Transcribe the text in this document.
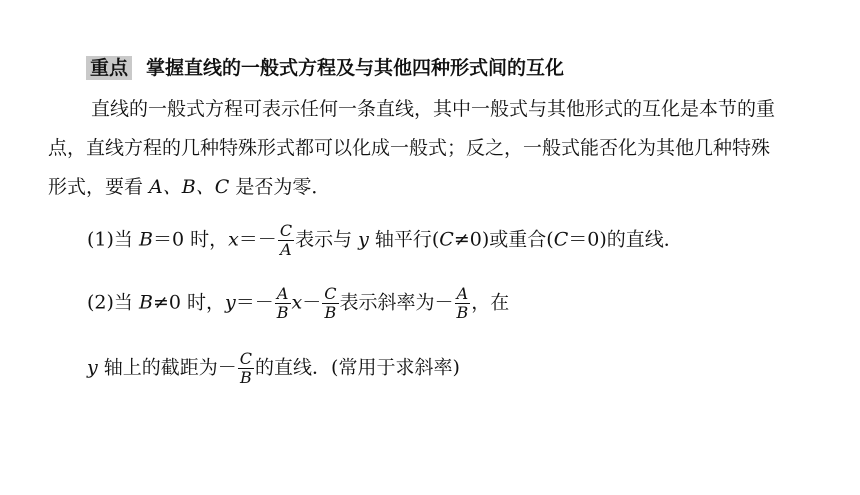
重点 掌握直线的一般式方程及与其他四种形式间的互化
直线的一般式方程可表示任何一条直线，其中一般式与其他形式的互化是本节的重
点，直线方程的几种特殊形式都可以化成一般式；反之，一般式能否化为其他几种特殊
形式，要看 A、B、C 是否为零．
(1)当 B＝0 时，$x=- \frac{C}{A}$ 表示与 y 轴平行(C≠0)或重合(C＝0)的直线．
(2)当 B≠0 时，$y=- \frac{A}{B} x- \frac{C}{B}$ 表示斜率为－ $\frac{A}{B}$ ，在
y 轴上的截距为－ $\frac{C}{B}$ 的直线．(常用于求斜率)
